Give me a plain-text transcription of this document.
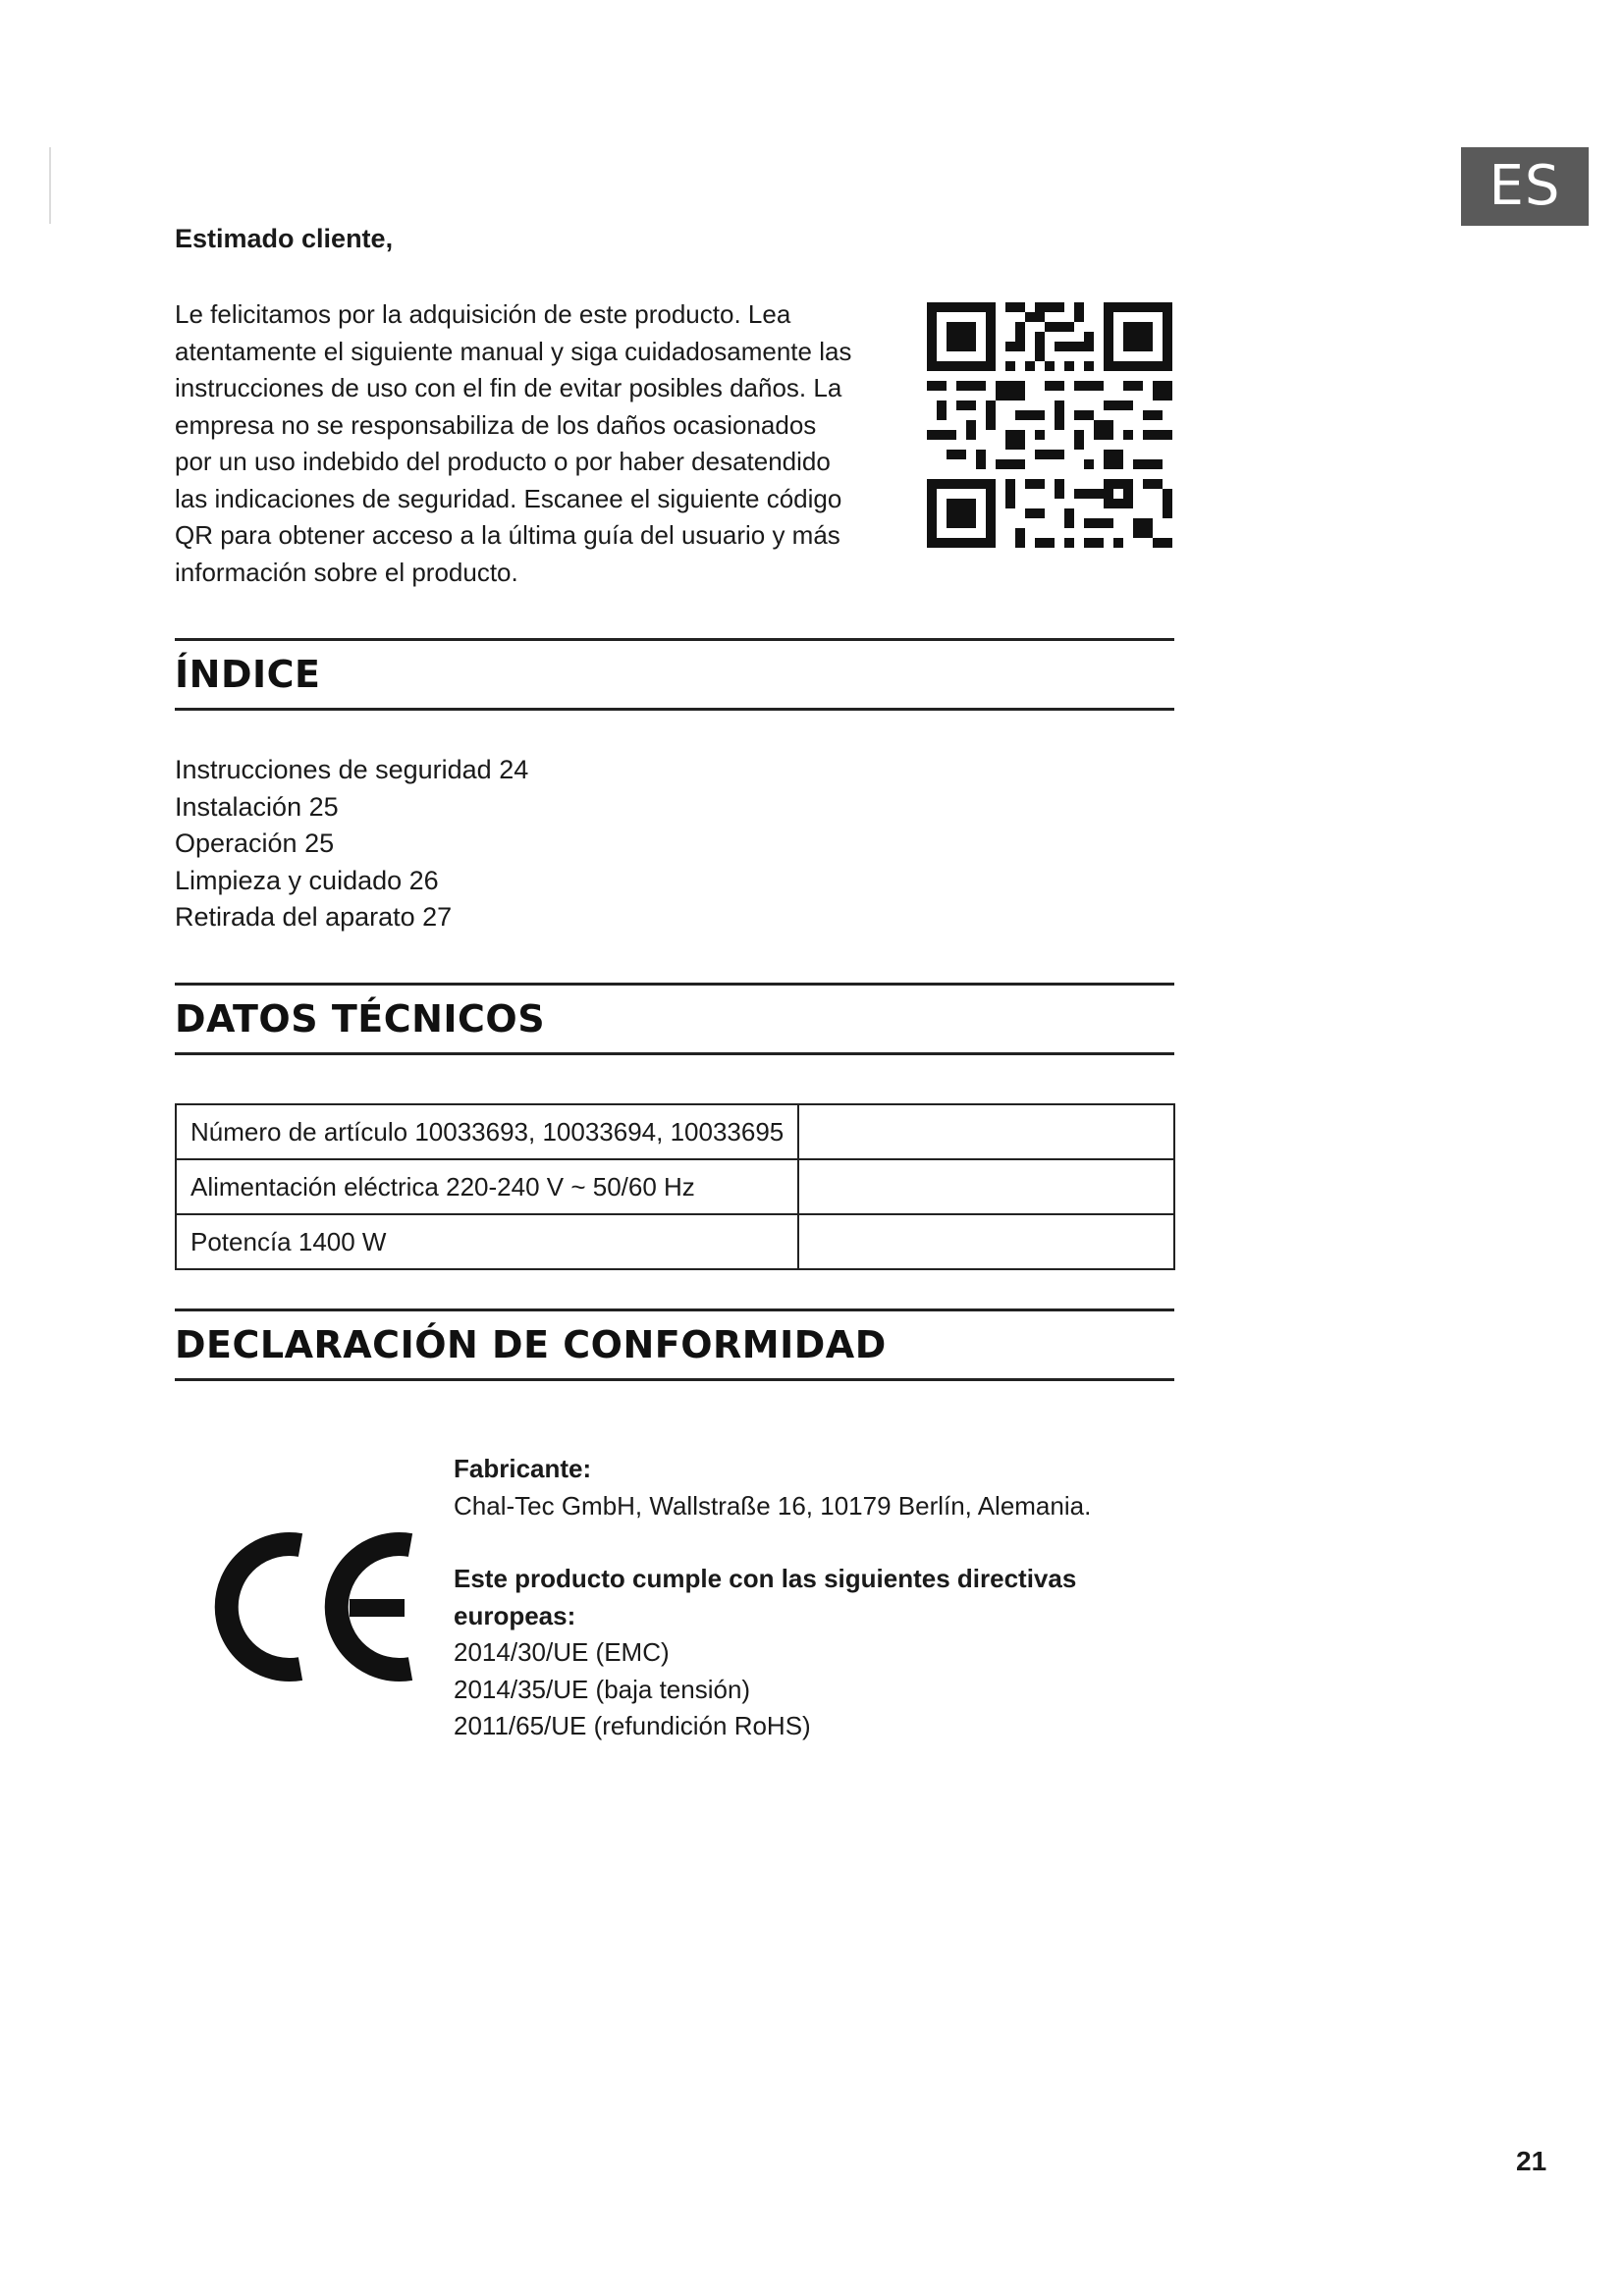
ES
Estimado cliente,
Le felicitamos por la adquisición de este producto. Lea
atentamente el siguiente manual y siga cuidadosamente las
instrucciones de uso con el fin de evitar posibles daños. La
empresa no se responsabiliza de los daños ocasionados
por un uso indebido del producto o por haber desatendido
las indicaciones de seguridad. Escanee el siguiente código
QR para obtener acceso a la última guía del usuario y más
información sobre el producto.
ÍNDICE
Instrucciones de seguridad 24
Instalación 25
Operación 25
Limpieza y cuidado 26
Retirada del aparato 27
DATOS TÉCNICOS
Número de artículo 10033693, 10033694, 10033695	
Alimentación eléctrica 220-240 V ~ 50/60 Hz	
Potencía 1400 W	
DECLARACIÓN DE CONFORMIDAD
Fabricante:
Chal-Tec GmbH, Wallstraße 16, 10179 Berlín, Alemania.
Este producto cumple con las siguientes directivas
europeas:
2014/30/UE (EMC)
2014/35/UE (baja tensión)
2011/65/UE (refundición RoHS)
21
